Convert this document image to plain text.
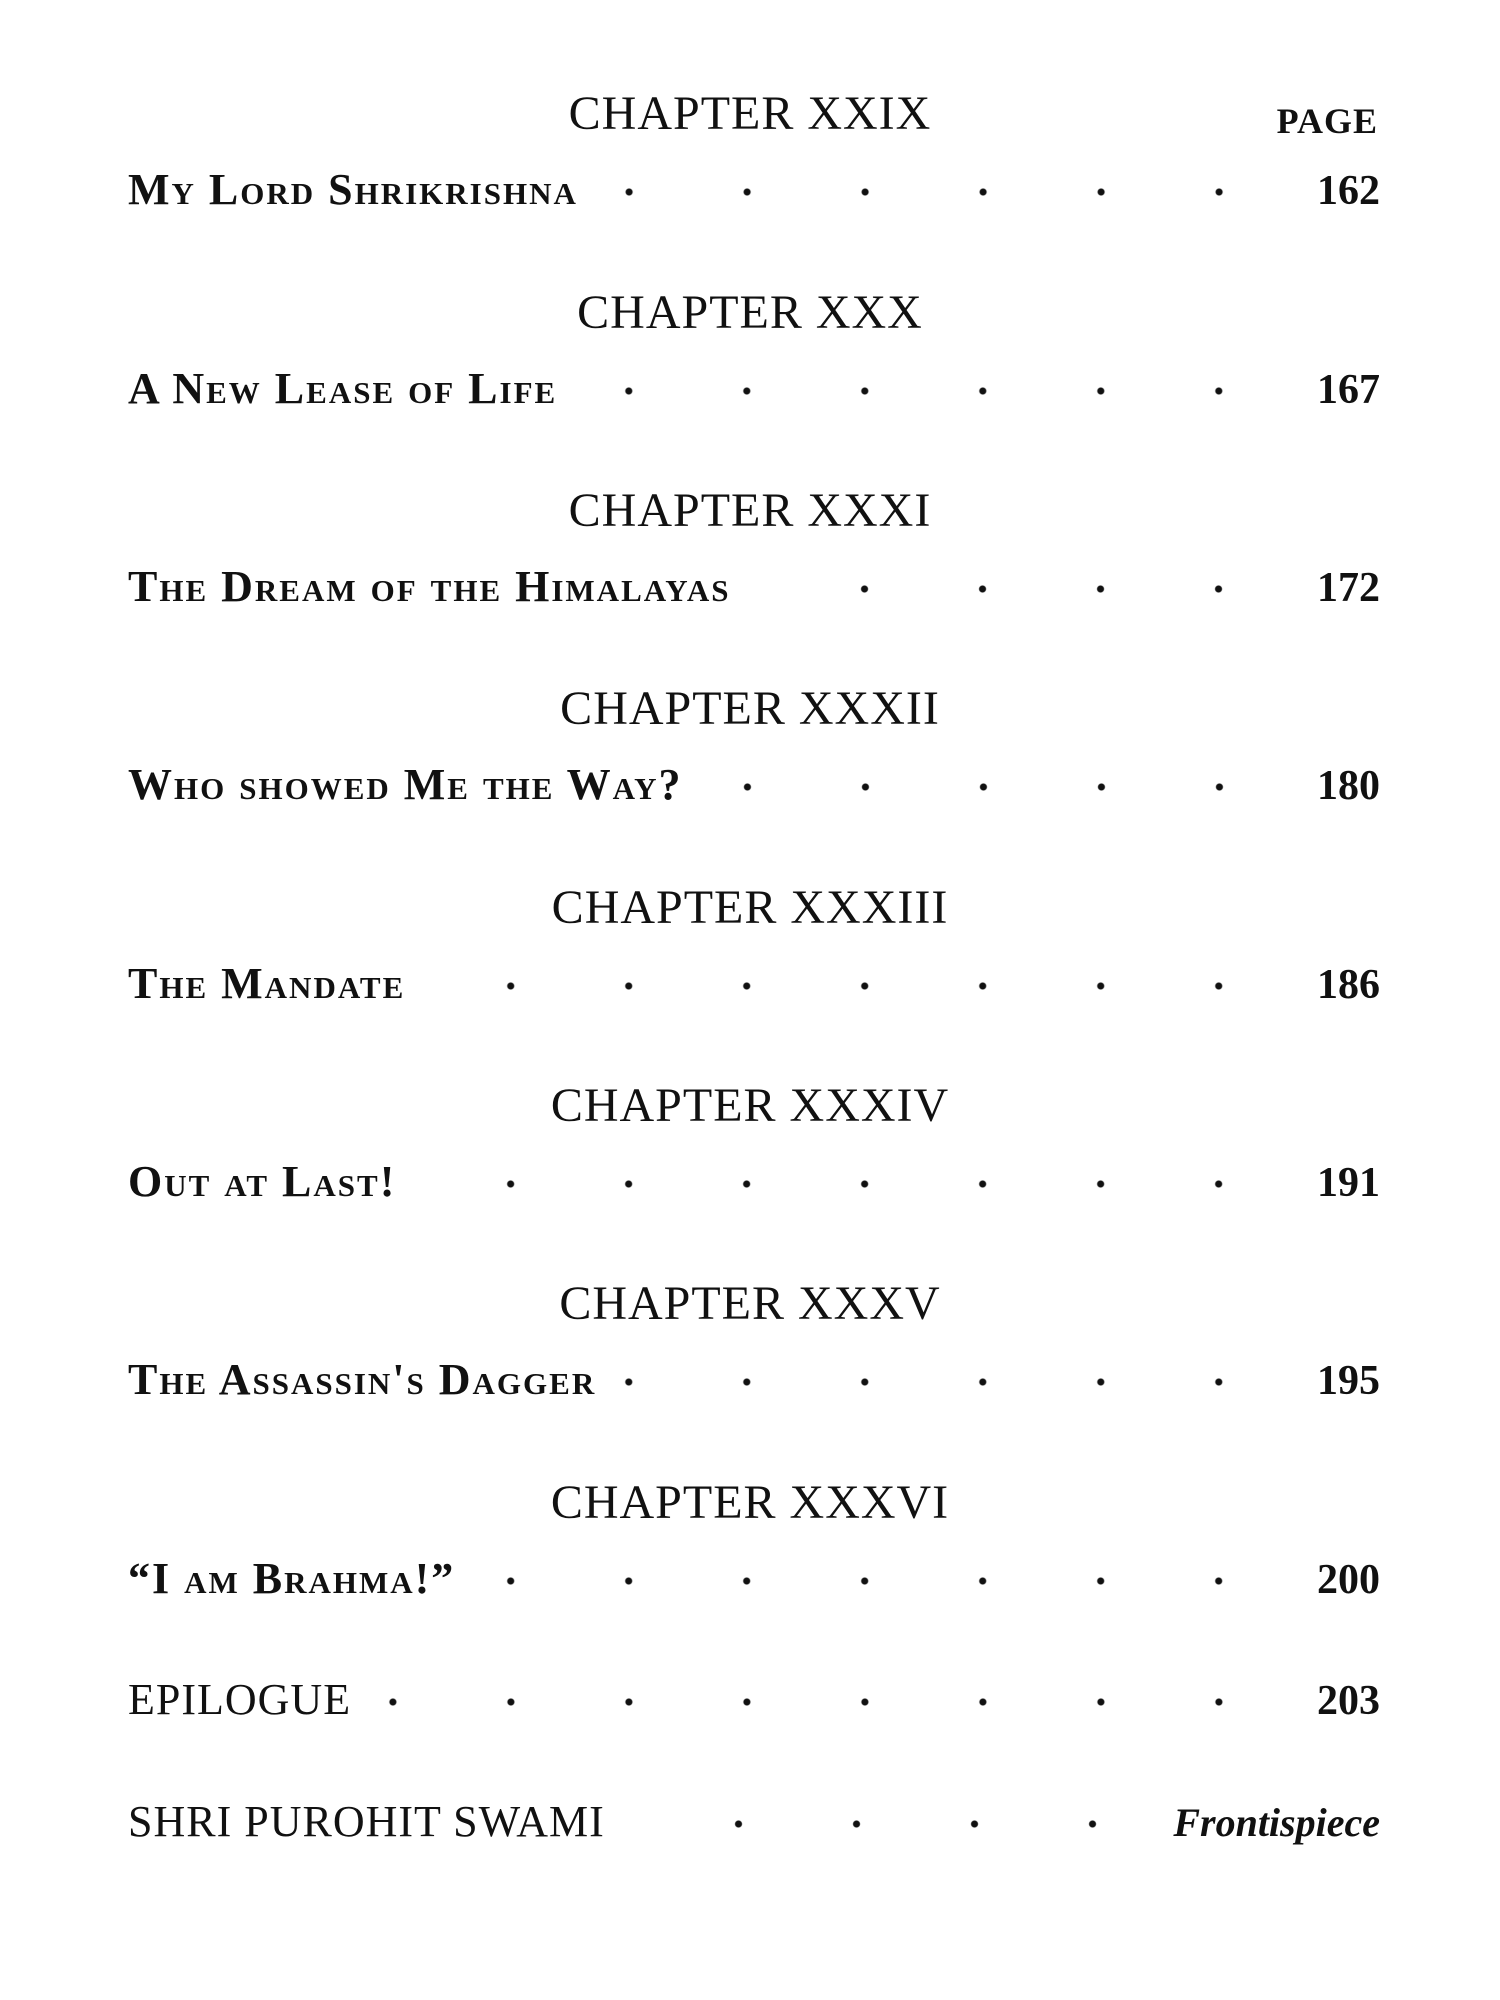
PAGE
CHAPTER XXIX
My Lord Shrikrishna	162
CHAPTER XXX
A New Lease of Life	167
CHAPTER XXXI
The Dream of the Himalayas	172
CHAPTER XXXII
Who showed Me the Way?	180
CHAPTER XXXIII
The Mandate	186
CHAPTER XXXIV
Out at Last!	191
CHAPTER XXXV
The Assassin's Dagger	195
CHAPTER XXXVI
“I am Brahma!”	200
EPILOGUE	203
SHRI PUROHIT SWAMI	Frontispiece
